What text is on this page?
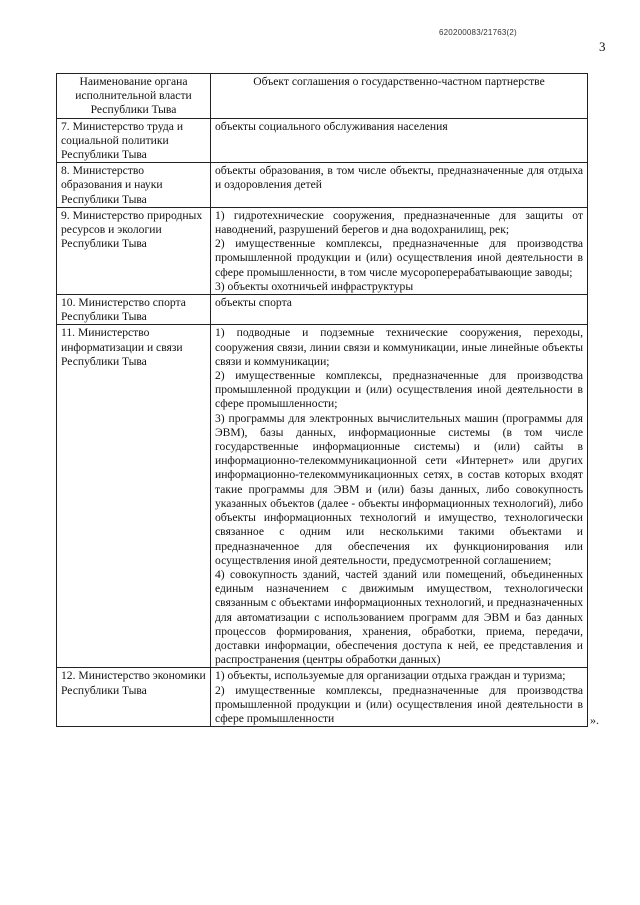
620200083/21763(2)
3
Наименование органа исполнительной власти Республики Тыва	Объект соглашения о государственно-частном партнерстве
7. Министерство труда и социальной политики Республики Тыва	объекты социального обслуживания населения

8. Министерство образования и науки Республики Тыва	объекты образования, в том числе объекты, предназначенные для отдыха и оздоровления детей

9. Министерство природных ресурсов и экологии Республики Тыва	1) гидротехнические сооружения, предназначенные для защиты от наводнений, разрушений берегов и дна водохранилищ, рек;

2) имущественные комплексы, предназначенные для производства промышленной продукции и (или) осуществления иной деятельности в сфере промышленности, в том числе мусороперерабатывающие заводы;

3) объекты охотничьей инфраструктуры

10. Министерство спорта Республики Тыва	объекты спорта

11. Министерство информатизации и связи Республики Тыва	1) подводные и подземные технические сооружения, переходы, сооружения связи, линии связи и коммуникации, иные линейные объекты связи и коммуникации;

2) имущественные комплексы, предназначенные для производства промышленной продукции и (или) осуществления иной деятельности в сфере промышленности;

3) программы для электронных вычислительных машин (программы для ЭВМ), базы данных, информационные системы (в том числе государственные информационные системы) и (или) сайты в информационно-телекоммуникационной сети «Интернет» или других информационно-телекоммуникационных сетях, в состав которых входят такие программы для ЭВМ и (или) базы данных, либо совокупность указанных объектов (далее - объекты информационных технологий), либо объекты информационных технологий и имущество, технологически связанное с одним или несколькими такими объектами и предназначенное для обеспечения их функционирования или осуществления иной деятельности, предусмотренной соглашением;

4) совокупность зданий, частей зданий или помещений, объединенных единым назначением с движимым имуществом, технологически связанным с объектами информационных технологий, и предназначенных для автоматизации с использованием программ для ЭВМ и баз данных процессов формирования, хранения, обработки, приема, передачи, доставки информации, обеспечения доступа к ней, ее представления и распространения (центры обработки данных)

12. Министерство экономики Республики Тыва	1) объекты, используемые для организации отдыха граждан и туризма;

2) имущественные комплексы, предназначенные для производства промышленной продукции и (или) осуществления иной деятельности в сфере промышленности	».
